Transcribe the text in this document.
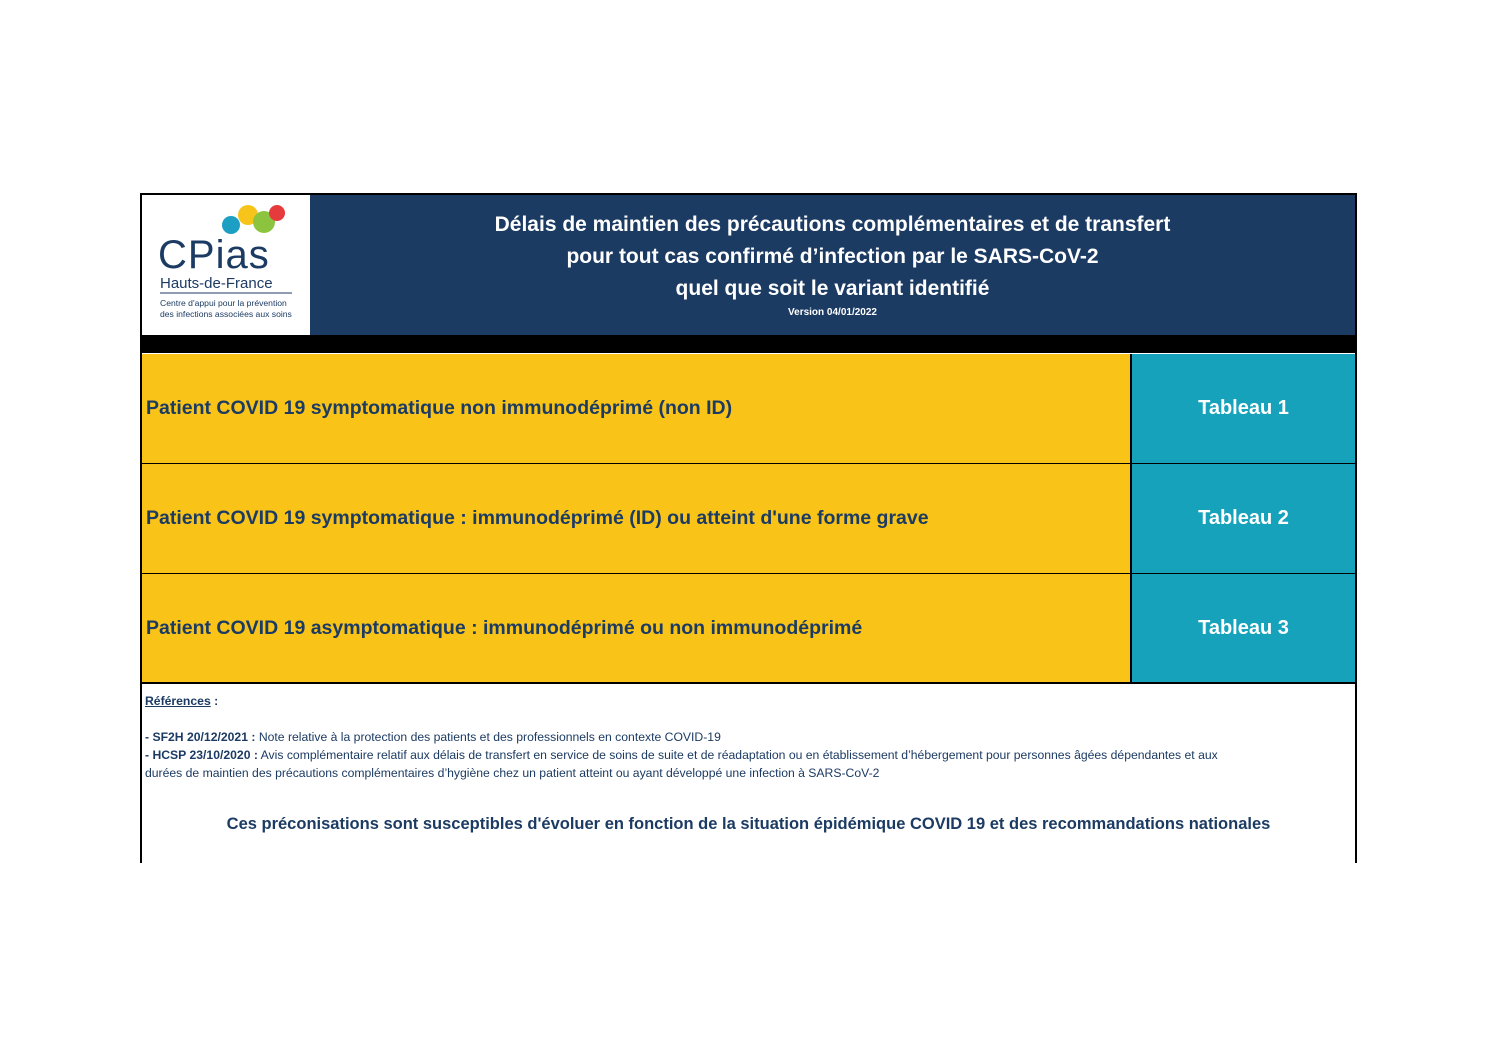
CPias
Hauts-de-France
Centre d'appui pour la prévention
des infections associées aux soins
Délais de maintien des précautions complémentaires et de transfert
pour tout cas confirmé d’infection par le SARS-CoV-2
quel que soit le variant identifié
Version 04/01/2022
Patient COVID 19 symptomatique non immunodéprimé (non ID)	Tableau 1
Patient COVID 19 symptomatique : immunodéprimé (ID) ou atteint d'une forme grave	Tableau 2
Patient COVID 19 asymptomatique : immunodéprimé ou non immunodéprimé	Tableau 3
Références :
- SF2H 20/12/2021 : Note relative à la protection des patients et des professionnels en contexte COVID-19
- HCSP 23/10/2020 : Avis complémentaire relatif aux délais de transfert en service de soins de suite et de réadaptation ou en établissement d’hébergement pour personnes âgées dépendantes et aux
durées de maintien des précautions complémentaires d’hygiène chez un patient atteint ou ayant développé une infection à SARS-CoV-2
Ces préconisations sont susceptibles d'évoluer en fonction de la situation épidémique COVID 19 et des recommandations nationales
